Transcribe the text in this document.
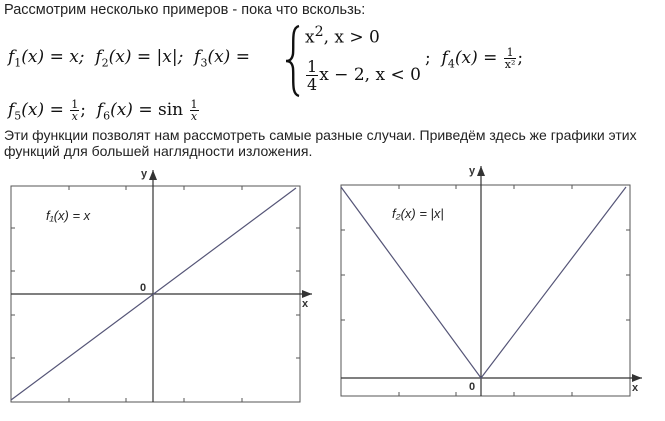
Рассмотрим несколько примеров - пока что вскользь:
$f_1(x) = x$; $f_2(x) = |x|$; $f_3(x)$ =
$x^2$, x > 0
$\frac{1}{4}$ x − 2, x < 0
; $f_4(x) = \frac{1}{\text{x²}}$ ;
$f_5(x) = \frac{1}{x}$ ; $f_6(x) = \sin \frac{1}{x}$
Эти функции позволят нам рассмотреть самые разные случаи. Приведём здесь же графики этих функций для большей наглядности изложения.
0
x
y
f₁(x) = x
0	x
y
f₂(x) = |x|
